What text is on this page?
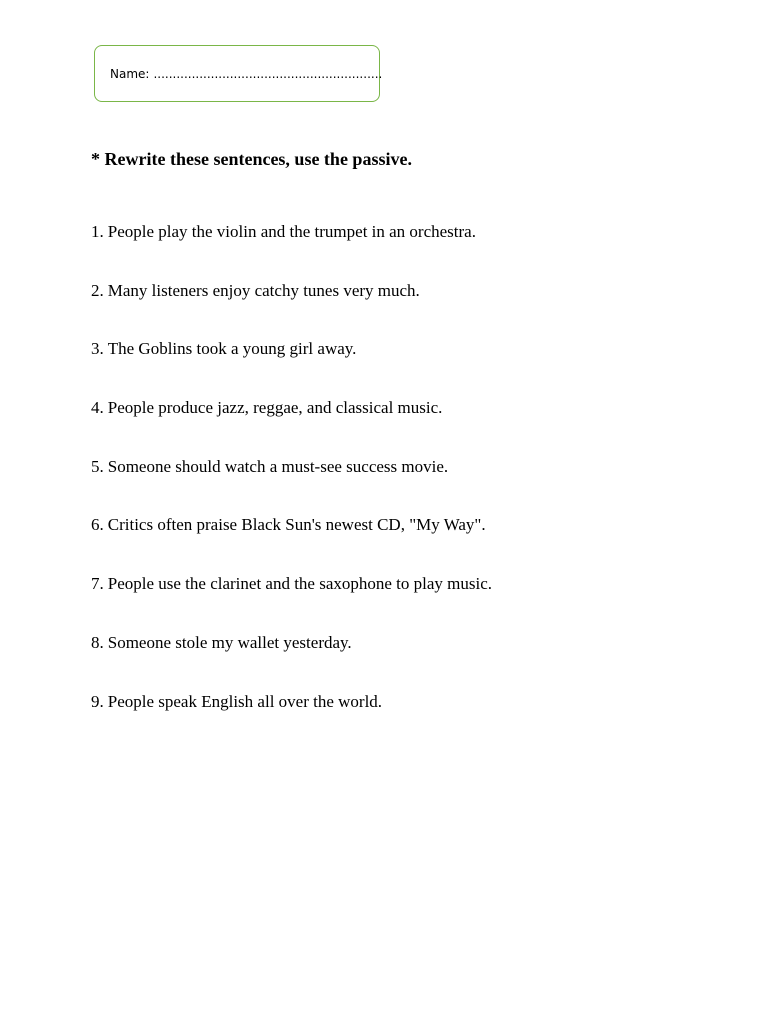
Name: ............................................................
* Rewrite these sentences, use the passive.
1. People play the violin and the trumpet in an orchestra.
2. Many listeners enjoy catchy tunes very much.
3. The Goblins took a young girl away.
4. People produce jazz, reggae, and classical music.
5. Someone should watch a must-see success movie.
6. Critics often praise Black Sun's newest CD, "My Way".
7. People use the clarinet and the saxophone to play music.
8. Someone stole my wallet yesterday.
9. People speak English all over the world.
